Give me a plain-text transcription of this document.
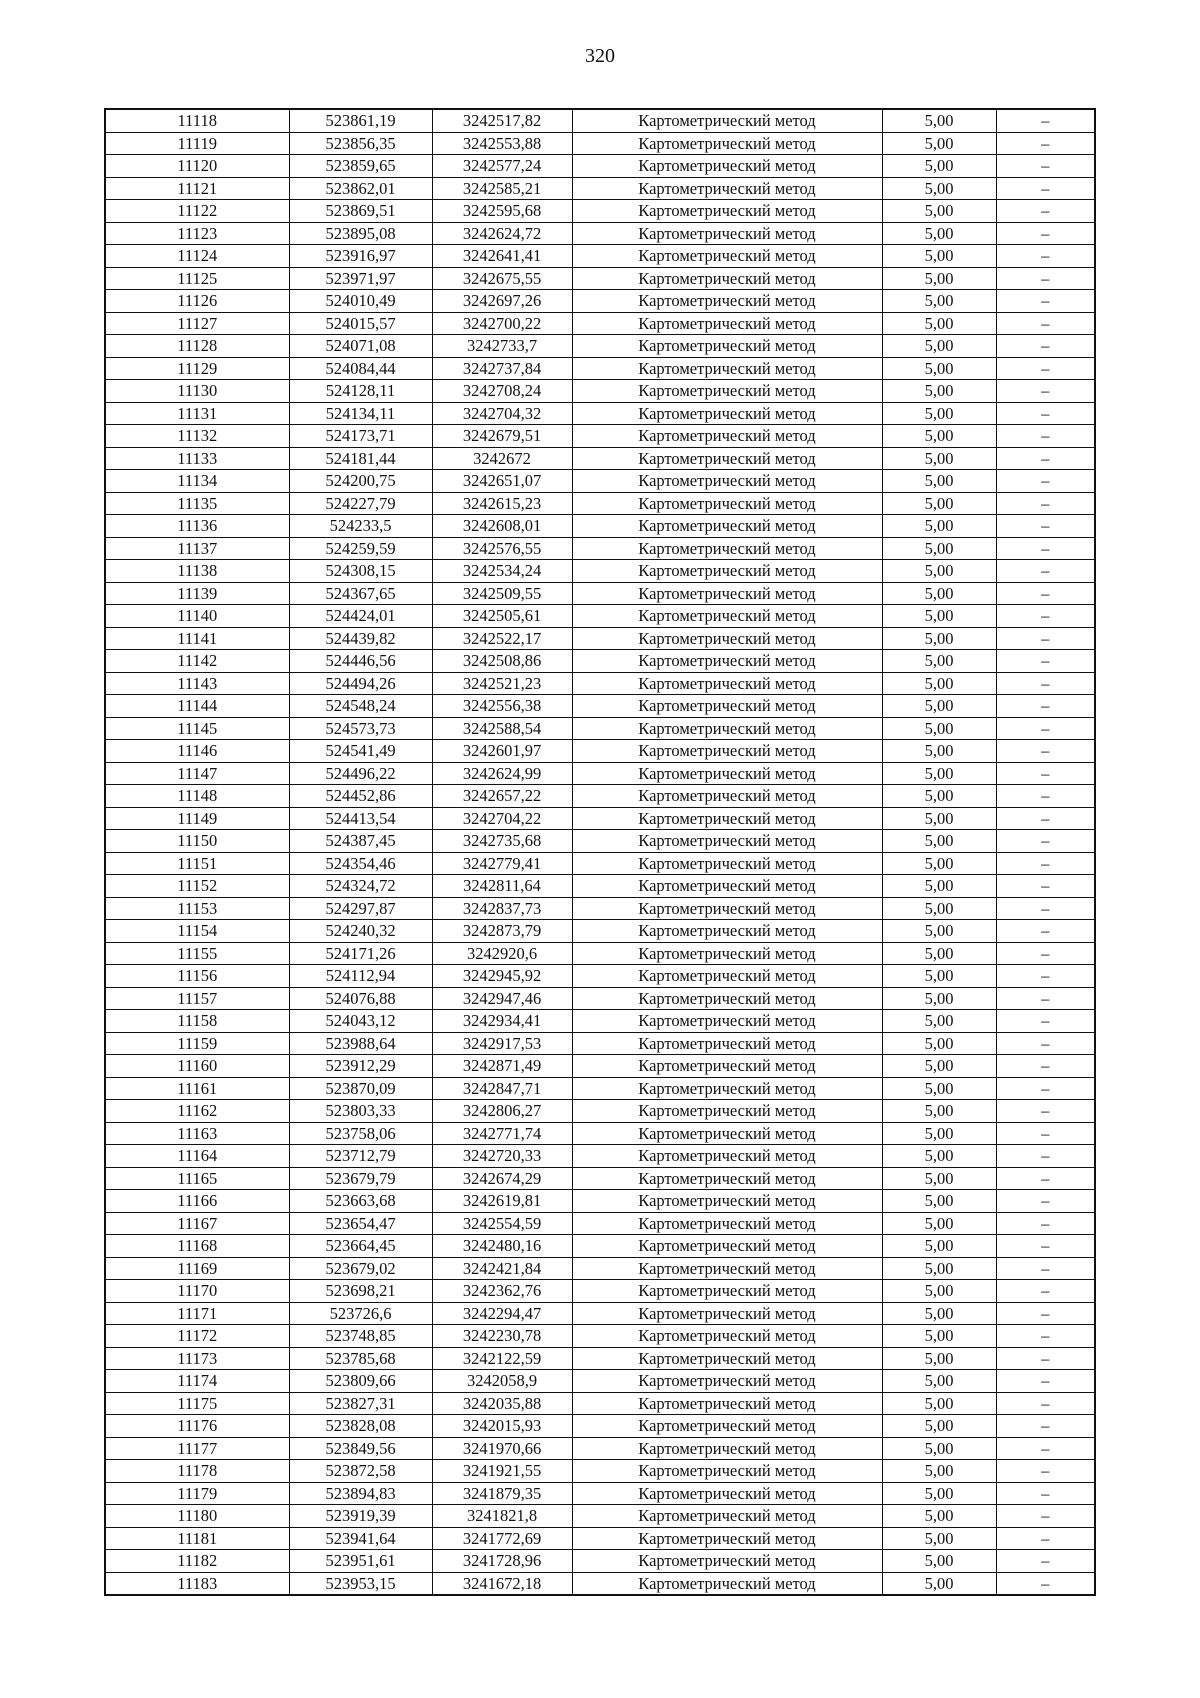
320
11118	523861,19	3242517,82	Картометрический метод	5,00	–
11119	523856,35	3242553,88	Картометрический метод	5,00	–
11120	523859,65	3242577,24	Картометрический метод	5,00	–
11121	523862,01	3242585,21	Картометрический метод	5,00	–
11122	523869,51	3242595,68	Картометрический метод	5,00	–
11123	523895,08	3242624,72	Картометрический метод	5,00	–
11124	523916,97	3242641,41	Картометрический метод	5,00	–
11125	523971,97	3242675,55	Картометрический метод	5,00	–
11126	524010,49	3242697,26	Картометрический метод	5,00	–
11127	524015,57	3242700,22	Картометрический метод	5,00	–
11128	524071,08	3242733,7	Картометрический метод	5,00	–
11129	524084,44	3242737,84	Картометрический метод	5,00	–
11130	524128,11	3242708,24	Картометрический метод	5,00	–
11131	524134,11	3242704,32	Картометрический метод	5,00	–
11132	524173,71	3242679,51	Картометрический метод	5,00	–
11133	524181,44	3242672	Картометрический метод	5,00	–
11134	524200,75	3242651,07	Картометрический метод	5,00	–
11135	524227,79	3242615,23	Картометрический метод	5,00	–
11136	524233,5	3242608,01	Картометрический метод	5,00	–
11137	524259,59	3242576,55	Картометрический метод	5,00	–
11138	524308,15	3242534,24	Картометрический метод	5,00	–
11139	524367,65	3242509,55	Картометрический метод	5,00	–
11140	524424,01	3242505,61	Картометрический метод	5,00	–
11141	524439,82	3242522,17	Картометрический метод	5,00	–
11142	524446,56	3242508,86	Картометрический метод	5,00	–
11143	524494,26	3242521,23	Картометрический метод	5,00	–
11144	524548,24	3242556,38	Картометрический метод	5,00	–
11145	524573,73	3242588,54	Картометрический метод	5,00	–
11146	524541,49	3242601,97	Картометрический метод	5,00	–
11147	524496,22	3242624,99	Картометрический метод	5,00	–
11148	524452,86	3242657,22	Картометрический метод	5,00	–
11149	524413,54	3242704,22	Картометрический метод	5,00	–
11150	524387,45	3242735,68	Картометрический метод	5,00	–
11151	524354,46	3242779,41	Картометрический метод	5,00	–
11152	524324,72	3242811,64	Картометрический метод	5,00	–
11153	524297,87	3242837,73	Картометрический метод	5,00	–
11154	524240,32	3242873,79	Картометрический метод	5,00	–
11155	524171,26	3242920,6	Картометрический метод	5,00	–
11156	524112,94	3242945,92	Картометрический метод	5,00	–
11157	524076,88	3242947,46	Картометрический метод	5,00	–
11158	524043,12	3242934,41	Картометрический метод	5,00	–
11159	523988,64	3242917,53	Картометрический метод	5,00	–
11160	523912,29	3242871,49	Картометрический метод	5,00	–
11161	523870,09	3242847,71	Картометрический метод	5,00	–
11162	523803,33	3242806,27	Картометрический метод	5,00	–
11163	523758,06	3242771,74	Картометрический метод	5,00	–
11164	523712,79	3242720,33	Картометрический метод	5,00	–
11165	523679,79	3242674,29	Картометрический метод	5,00	–
11166	523663,68	3242619,81	Картометрический метод	5,00	–
11167	523654,47	3242554,59	Картометрический метод	5,00	–
11168	523664,45	3242480,16	Картометрический метод	5,00	–
11169	523679,02	3242421,84	Картометрический метод	5,00	–
11170	523698,21	3242362,76	Картометрический метод	5,00	–
11171	523726,6	3242294,47	Картометрический метод	5,00	–
11172	523748,85	3242230,78	Картометрический метод	5,00	–
11173	523785,68	3242122,59	Картометрический метод	5,00	–
11174	523809,66	3242058,9	Картометрический метод	5,00	–
11175	523827,31	3242035,88	Картометрический метод	5,00	–
11176	523828,08	3242015,93	Картометрический метод	5,00	–
11177	523849,56	3241970,66	Картометрический метод	5,00	–
11178	523872,58	3241921,55	Картометрический метод	5,00	–
11179	523894,83	3241879,35	Картометрический метод	5,00	–
11180	523919,39	3241821,8	Картометрический метод	5,00	–
11181	523941,64	3241772,69	Картометрический метод	5,00	–
11182	523951,61	3241728,96	Картометрический метод	5,00	–
11183	523953,15	3241672,18	Картометрический метод	5,00	–
